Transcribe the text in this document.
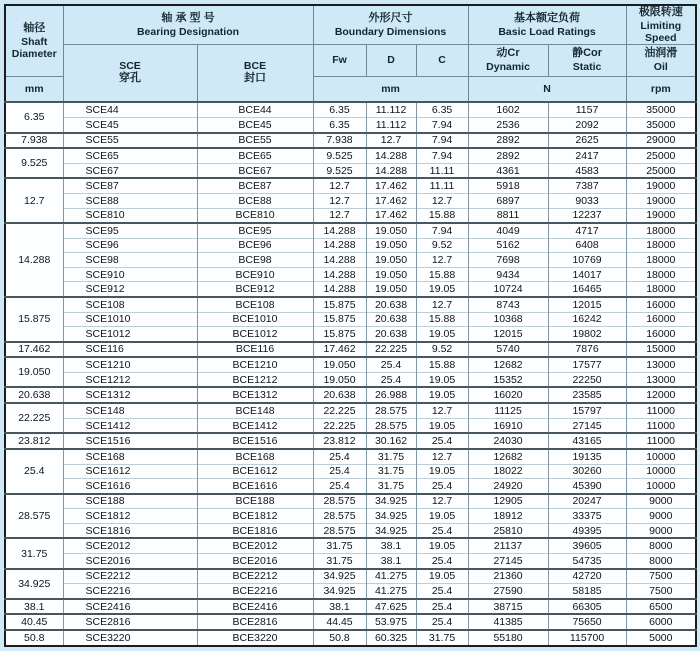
轴径
Shaft
Diameter

轴 承 型 号
Bearing Designation

外形尺寸
Boundary Dimensions

基本额定负荷
Basic Load Ratings

极限转速
Limiting Speed

SCE
穿孔

BCE
封口
	Fw	D	C	
动Cr
Dynamic

静Cor
Static

油润滑
Oil

mm			mm			N		rpm
6.35	SCE44	BCE44	6.35	11.112	6.35	1602	1157	35000
	SCE45	BCE45	6.35	11.112	7.94	2536	2092	35000
7.938	SCE55	BCE55	7.938	12.7	7.94	2892	2625	29000
9.525	SCE65	BCE65	9.525	14.288	7.94	2892	2417	25000
	SCE67	BCE67	9.525	14.288	11.11	4361	4583	25000
12.7	SCE87	BCE87	12.7	17.462	11.11	5918	7387	19000
	SCE88	BCE88	12.7	17.462	12.7	6897	9033	19000
	SCE810	BCE810	12.7	17.462	15.88	8811	12237	19000
14.288	SCE95	BCE95	14.288	19.050	7.94	4049	4717	18000
	SCE96	BCE96	14.288	19.050	9.52	5162	6408	18000
	SCE98	BCE98	14.288	19.050	12.7	7698	10769	18000
	SCE910	BCE910	14.288	19.050	15.88	9434	14017	18000
	SCE912	BCE912	14.288	19.050	19.05	10724	16465	18000
15.875	SCE108	BCE108	15.875	20.638	12.7	8743	12015	16000
	SCE1010	BCE1010	15.875	20.638	15.88	10368	16242	16000
	SCE1012	BCE1012	15.875	20.638	19.05	12015	19802	16000
17.462	SCE116	BCE116	17.462	22.225	9.52	5740	7876	15000
19.050	SCE1210	BCE1210	19.050	25.4	15.88	12682	17577	13000
	SCE1212	BCE1212	19.050	25.4	19.05	15352	22250	13000
20.638	SCE1312	BCE1312	20.638	26.988	19.05	16020	23585	12000
22.225	SCE148	BCE148	22.225	28.575	12.7	11125	15797	11000
	SCE1412	BCE1412	22.225	28.575	19.05	16910	27145	11000
23.812	SCE1516	BCE1516	23.812	30.162	25.4	24030	43165	11000
25.4	SCE168	BCE168	25.4	31.75	12.7	12682	19135	10000
	SCE1612	BCE1612	25.4	31.75	19.05	18022	30260	10000
	SCE1616	BCE1616	25.4	31.75	25.4	24920	45390	10000
28.575	SCE188	BCE188	28.575	34.925	12.7	12905	20247	9000
	SCE1812	BCE1812	28.575	34.925	19.05	18912	33375	9000
	SCE1816	BCE1816	28.575	34.925	25.4	25810	49395	9000
31.75	SCE2012	BCE2012	31.75	38.1	19.05	21137	39605	8000
	SCE2016	BCE2016	31.75	38.1	25.4	27145	54735	8000
34.925	SCE2212	BCE2212	34.925	41.275	19.05	21360	42720	7500
	SCE2216	BCE2216	34.925	41.275	25.4	27590	58185	7500
38.1	SCE2416	BCE2416	38.1	47.625	25.4	38715	66305	6500
40.45	SCE2816	BCE2816	44.45	53.975	25.4	41385	75650	6000
50.8	SCE3220	BCE3220	50.8	60.325	31.75	55180	115700	5000
